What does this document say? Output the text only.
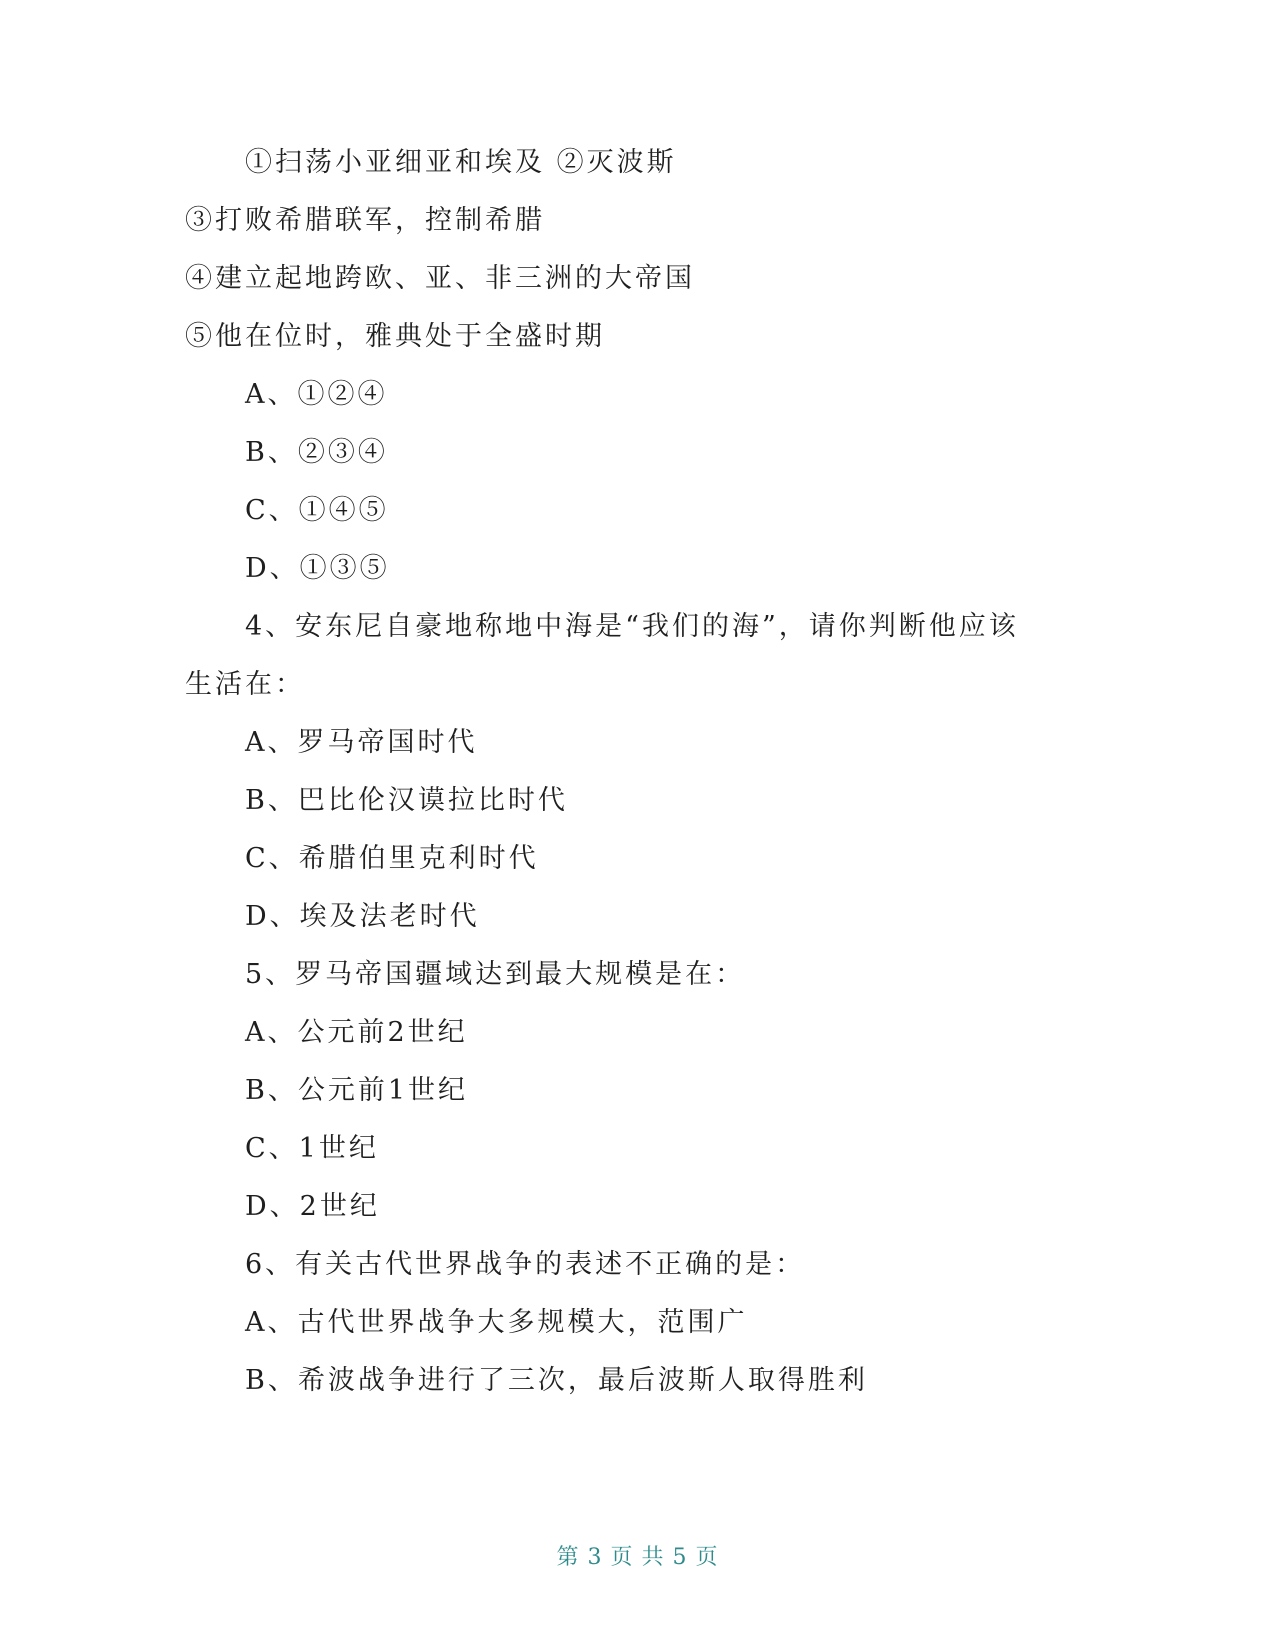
①扫荡小亚细亚和埃及 ②灭波斯
③打败希腊联军，控制希腊
④建立起地跨欧、亚、非三洲的大帝国
⑤他在位时，雅典处于全盛时期
A、①②④
B、②③④
C、①④⑤
D、①③⑤
4、安东尼自豪地称地中海是“我们的海”，请你判断他应该
生活在：
A、罗马帝国时代
B、巴比伦汉谟拉比时代
C、希腊伯里克利时代
D、埃及法老时代
5、罗马帝国疆域达到最大规模是在：
A、公元前2世纪
B、公元前1世纪
C、1世纪
D、2世纪
6、有关古代世界战争的表述不正确的是：
A、古代世界战争大多规模大，范围广
B、希波战争进行了三次，最后波斯人取得胜利
第 3 页 共 5 页
